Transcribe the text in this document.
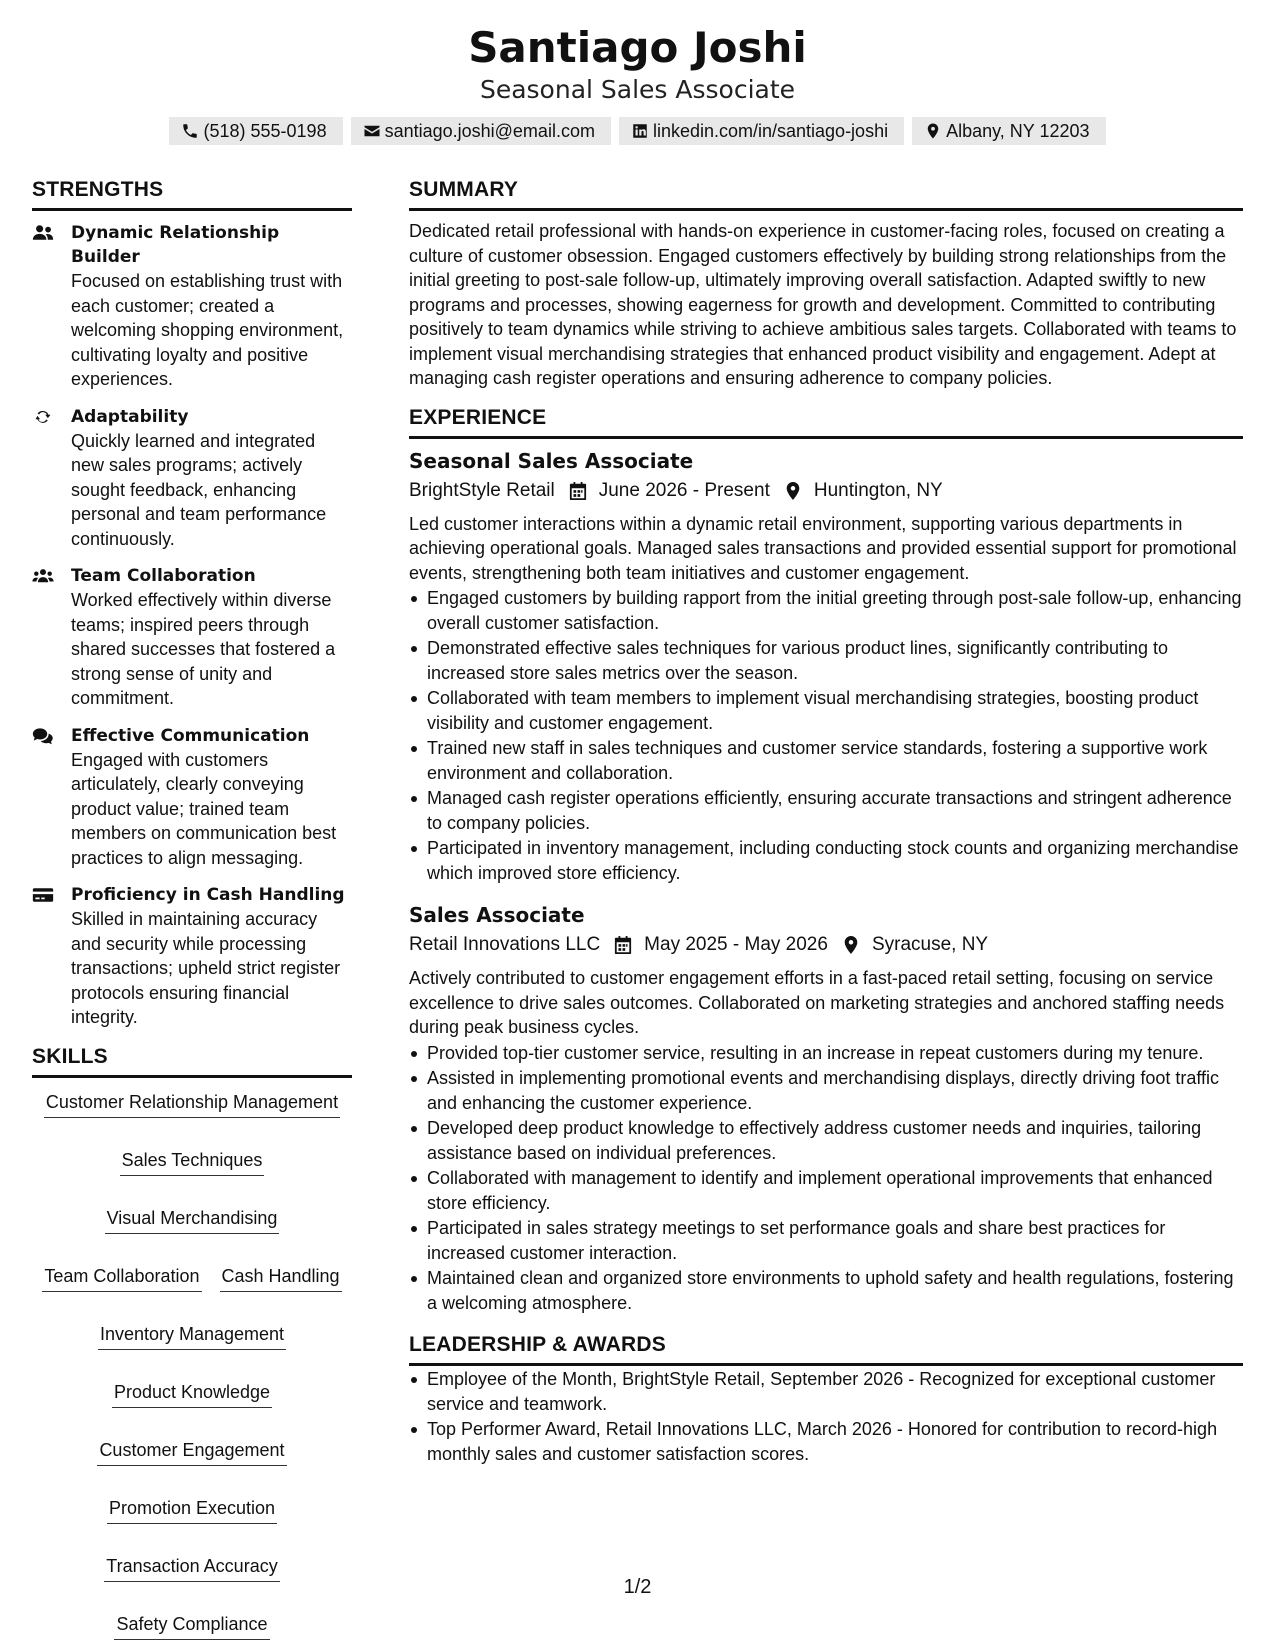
Santiago Joshi
Seasonal Sales Associate
(518) 555-0198	santiago.joshi@email.com	linkedin.com/in/santiago-joshi	Albany, NY 12203
STRENGTHS
Dynamic Relationship Builder
Focused on establishing trust with each customer; created a welcoming shopping environment, cultivating loyalty and positive experiences.
Adaptability
Quickly learned and integrated new sales programs; actively sought feedback, enhancing personal and team performance continuously.
Team Collaboration
Worked effectively within diverse teams; inspired peers through shared successes that fostered a strong sense of unity and commitment.
Effective Communication
Engaged with customers articulately, clearly conveying product value; trained team members on communication best practices to align messaging.
Proficiency in Cash Handling
Skilled in maintaining accuracy and security while processing transactions; upheld strict register protocols ensuring financial integrity.
SKILLS
Customer Relationship Management
Sales Techniques
Visual Merchandising
Team Collaboration Cash Handling
Inventory Management
Product Knowledge
Customer Engagement
Promotion Execution
Transaction Accuracy
Safety Compliance
SUMMARY

Dedicated retail professional with hands-on experience in customer-facing roles, focused on creating a culture of customer obsession. Engaged customers effectively by building strong relationships from the initial greeting to post-sale follow-up, ultimately improving overall satisfaction. Adapted swiftly to new programs and processes, showing eagerness for growth and development. Committed to contributing positively to team dynamics while striving to achieve ambitious sales targets. Collaborated with teams to implement visual merchandising strategies that enhanced product visibility and engagement. Adept at managing cash register operations and ensuring adherence to company policies.

EXPERIENCE
Seasonal Sales Associate
BrightStyle Retail June 2026 - Present Huntington, NY

Led customer interactions within a dynamic retail environment, supporting various departments in achieving operational goals. Managed sales transactions and provided essential support for promotional events, strengthening both team initiatives and customer engagement.

Engaged customers by building rapport from the initial greeting through post-sale follow-up, enhancing overall customer satisfaction.
Demonstrated effective sales techniques for various product lines, significantly contributing to increased store sales metrics over the season.
Collaborated with team members to implement visual merchandising strategies, boosting product visibility and customer engagement.
Trained new staff in sales techniques and customer service standards, fostering a supportive work environment and collaboration.
Managed cash register operations efficiently, ensuring accurate transactions and stringent adherence to company policies.
Participated in inventory management, including conducting stock counts and organizing merchandise which improved store efficiency.
Sales Associate
Retail Innovations LLC May 2025 - May 2026 Syracuse, NY

Actively contributed to customer engagement efforts in a fast-paced retail setting, focusing on service excellence to drive sales outcomes. Collaborated on marketing strategies and anchored staffing needs during peak business cycles.

Provided top-tier customer service, resulting in an increase in repeat customers during my tenure.
Assisted in implementing promotional events and merchandising displays, directly driving foot traffic and enhancing the customer experience.
Developed deep product knowledge to effectively address customer needs and inquiries, tailoring assistance based on individual preferences.
Collaborated with management to identify and implement operational improvements that enhanced store efficiency.
Participated in sales strategy meetings to set performance goals and share best practices for increased customer interaction.
Maintained clean and organized store environments to uphold safety and health regulations, fostering a welcoming atmosphere.
LEADERSHIP & AWARDS
Employee of the Month, BrightStyle Retail, September 2026 - Recognized for exceptional customer service and teamwork.
Top Performer Award, Retail Innovations LLC, March 2026 - Honored for contribution to record-high monthly sales and customer satisfaction scores.
1/2
